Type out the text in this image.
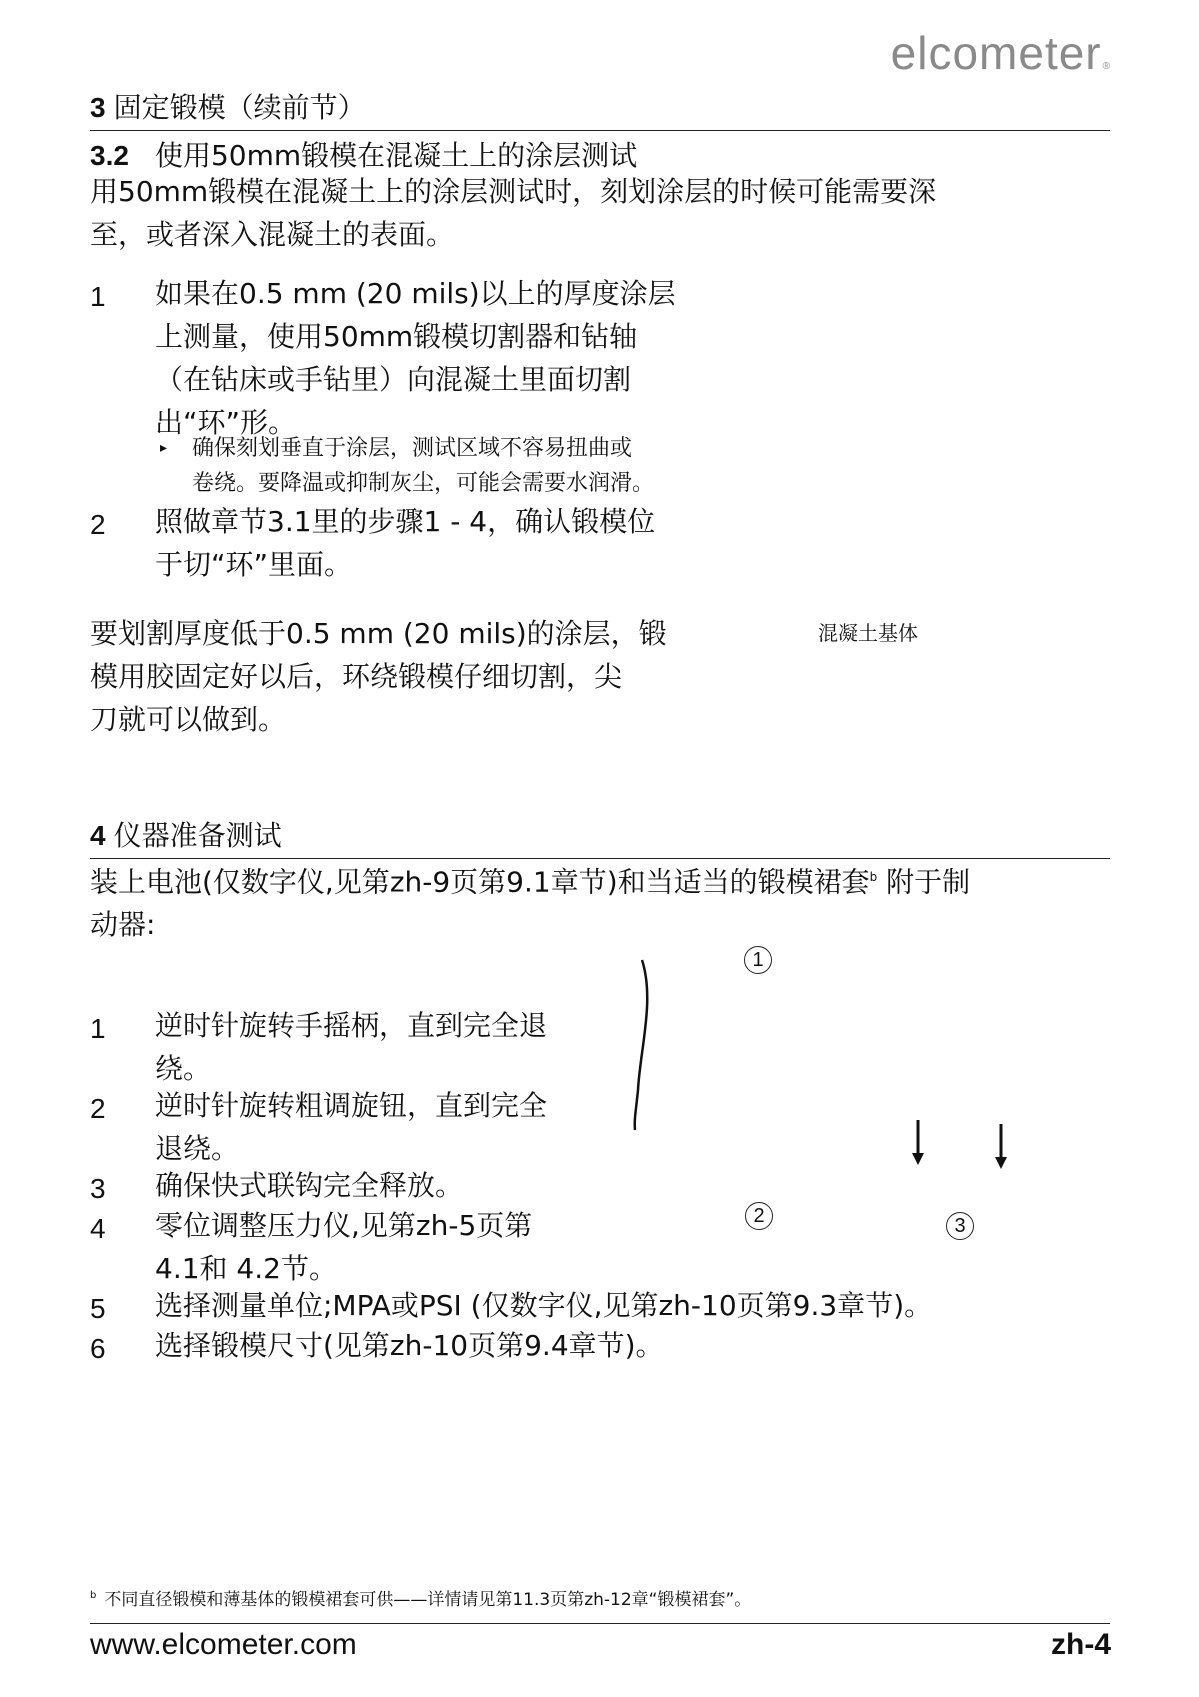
elcometer®
3 固定锻模（续前节）
3.2 使用50mm锻模在混凝土上的涂层测试
用50mm锻模在混凝土上的涂层测试时，刻划涂层的时候可能需要深
至，或者深入混凝土的表面。
1 如果在0.5 mm (20 mils)以上的厚度涂层
上测量，使用50mm锻模切割器和钻轴
（在钻床或手钻里）向混凝土里面切割
出“环”形。
▸ 确保刻划垂直于涂层，测试区域不容易扭曲或
卷绕。要降温或抑制灰尘，可能会需要水润滑。
2 照做章节3.1里的步骤1 - 4，确认锻模位
于切“环”里面。
要划割厚度低于0.5 mm (20 mils)的涂层，锻
模用胶固定好以后，环绕锻模仔细切割，尖
刀就可以做到。
混凝土基体
4 仪器准备测试
装上电池(仅数字仪,见第zh-9页第9.1章节)和当适当的锻模裙套$^b$ 附于制
动器:
1
2	3
1 逆时针旋转手摇柄，直到完全退
绕。
2 逆时针旋转粗调旋钮，直到完全
退绕。
3 确保快式联钩完全释放。
4 零位调整压力仪,见第zh-5页第
4.1和 4.2节。
5 选择测量单位;MPA或PSI (仅数字仪,见第zh-10页第9.3章节)。
6 选择锻模尺寸(见第zh-10页第9.4章节)。
$^b$ 不同直径锻模和薄基体的锻模裙套可供——详情请见第11.3页第zh-12章“锻模裙套”。
www.elcometer.com	zh-4
